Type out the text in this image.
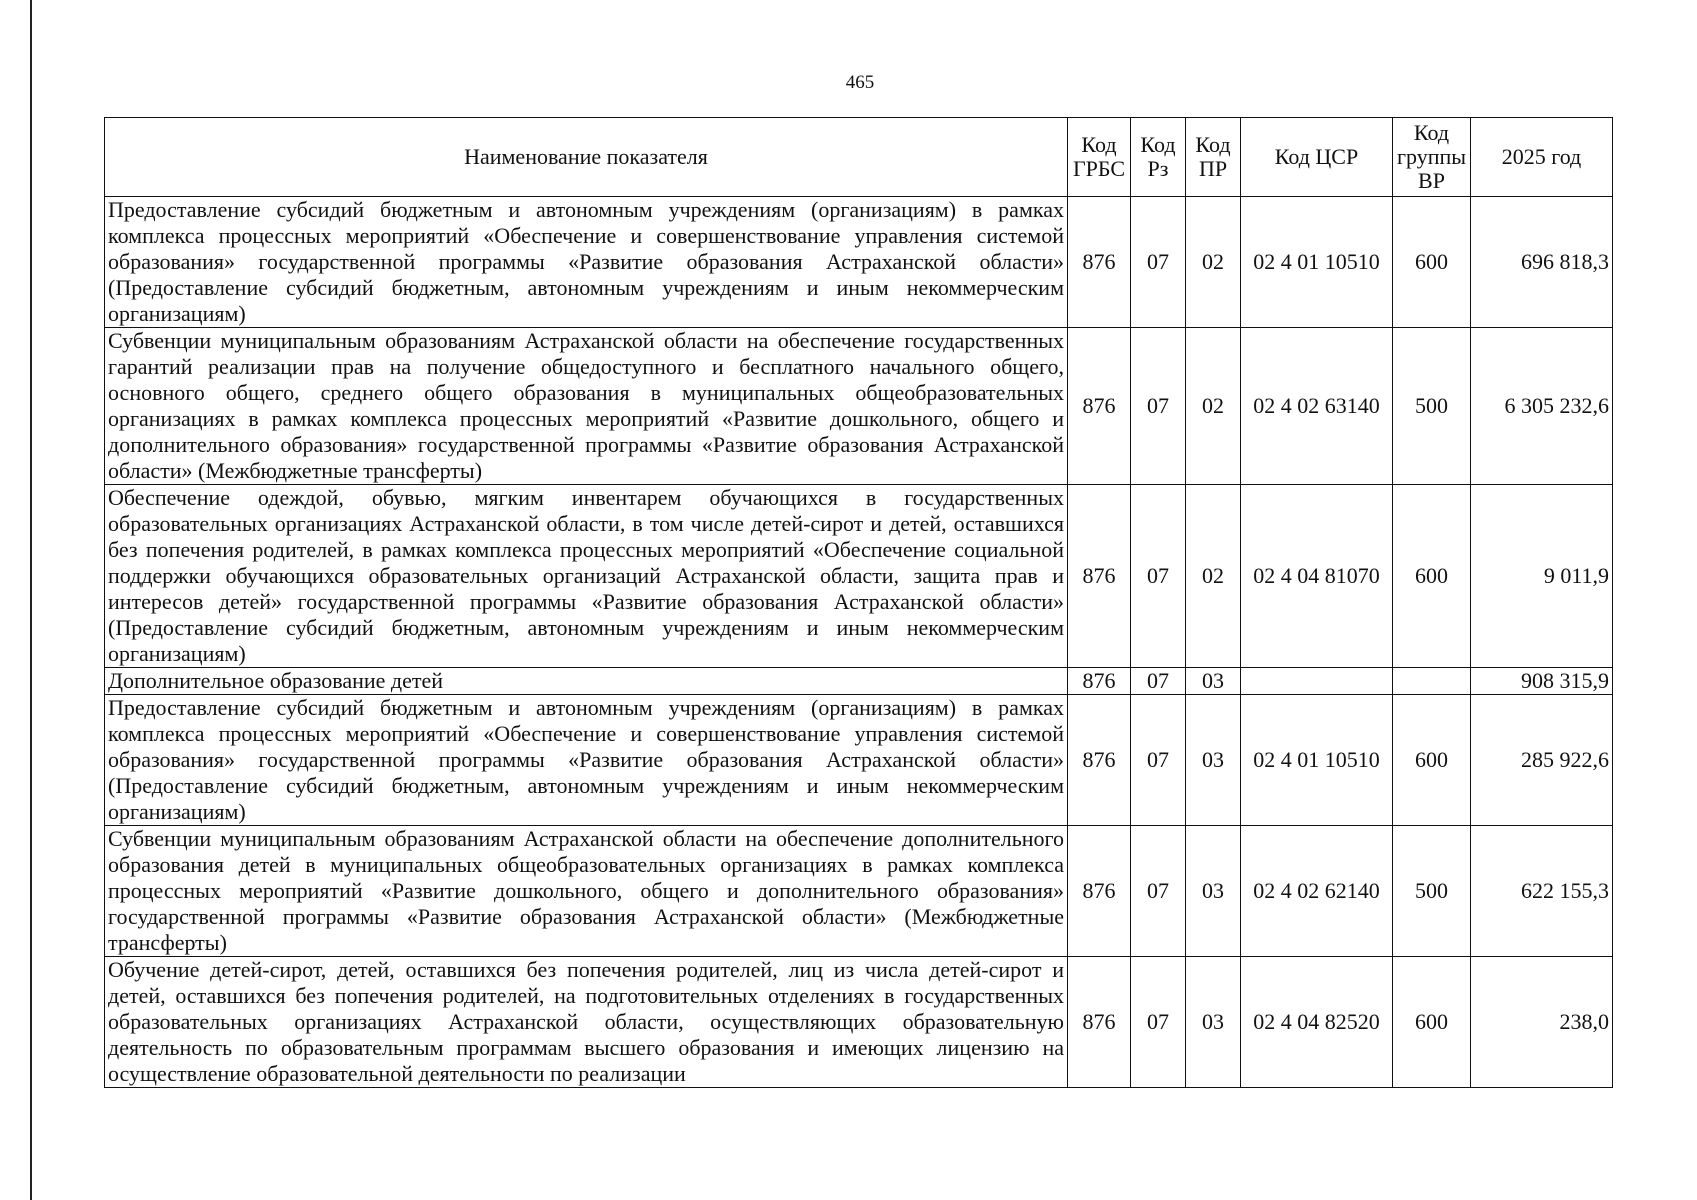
465
Наименование показателя	Код ГРБС	Код Рз	Код ПР	Код ЦСР	Код группы ВР	2025 год
Предоставление субсидий бюджетным и автономным учреждениям (организациям) в рамках комплекса процессных мероприятий «Обеспечение и совершенствование управления системой образования» государственной программы «Развитие образования Астраханской области» (Предоставление субсидий бюджетным, автономным учреждениям и иным некоммерческим организациям)	876	07	02	02 4 01 10510	600	696 818,3
Субвенции муниципальным образованиям Астраханской области на обеспечение государственных гарантий реализации прав на получение общедоступного и бесплатного начального общего, основного общего, среднего общего образования в муниципальных общеобразовательных организациях в рамках комплекса процессных мероприятий «Развитие дошкольного, общего и дополнительного образования» государственной программы «Развитие образования Астраханской области» (Межбюджетные трансферты)	876	07	02	02 4 02 63140	500	6 305 232,6
Обеспечение одеждой, обувью, мягким инвентарем обучающихся в государственных образовательных организациях Астраханской области, в том числе детей-сирот и детей, оставшихся без попечения родителей, в рамках комплекса процессных мероприятий «Обеспечение социальной поддержки обучающихся образовательных организаций Астраханской области, защита прав и интересов детей» государственной программы «Развитие образования Астраханской области» (Предоставление субсидий бюджетным, автономным учреждениям и иным некоммерческим организациям)	876	07	02	02 4 04 81070	600	9 011,9
Дополнительное образование детей	876	07	03			908 315,9
Предоставление субсидий бюджетным и автономным учреждениям (организациям) в рамках комплекса процессных мероприятий «Обеспечение и совершенствование управления системой образования» государственной программы «Развитие образования Астраханской области» (Предоставление субсидий бюджетным, автономным учреждениям и иным некоммерческим организациям)	876	07	03	02 4 01 10510	600	285 922,6
Субвенции муниципальным образованиям Астраханской области на обеспечение дополнительного образования детей в муниципальных общеобразовательных организациях в рамках комплекса процессных мероприятий «Развитие дошкольного, общего и дополнительного образования» государственной программы «Развитие образования Астраханской области» (Межбюджетные трансферты)	876	07	03	02 4 02 62140	500	622 155,3
Обучение детей-сирот, детей, оставшихся без попечения родителей, лиц из числа детей-сирот и детей, оставшихся без попечения родителей, на подготовительных отделениях в государственных образовательных организациях Астраханской области, осуществляющих образовательную деятельность по образовательным программам высшего образования и имеющих лицензию на осуществление образовательной деятельности по реализации	876	07	03	02 4 04 82520	600	238,0
